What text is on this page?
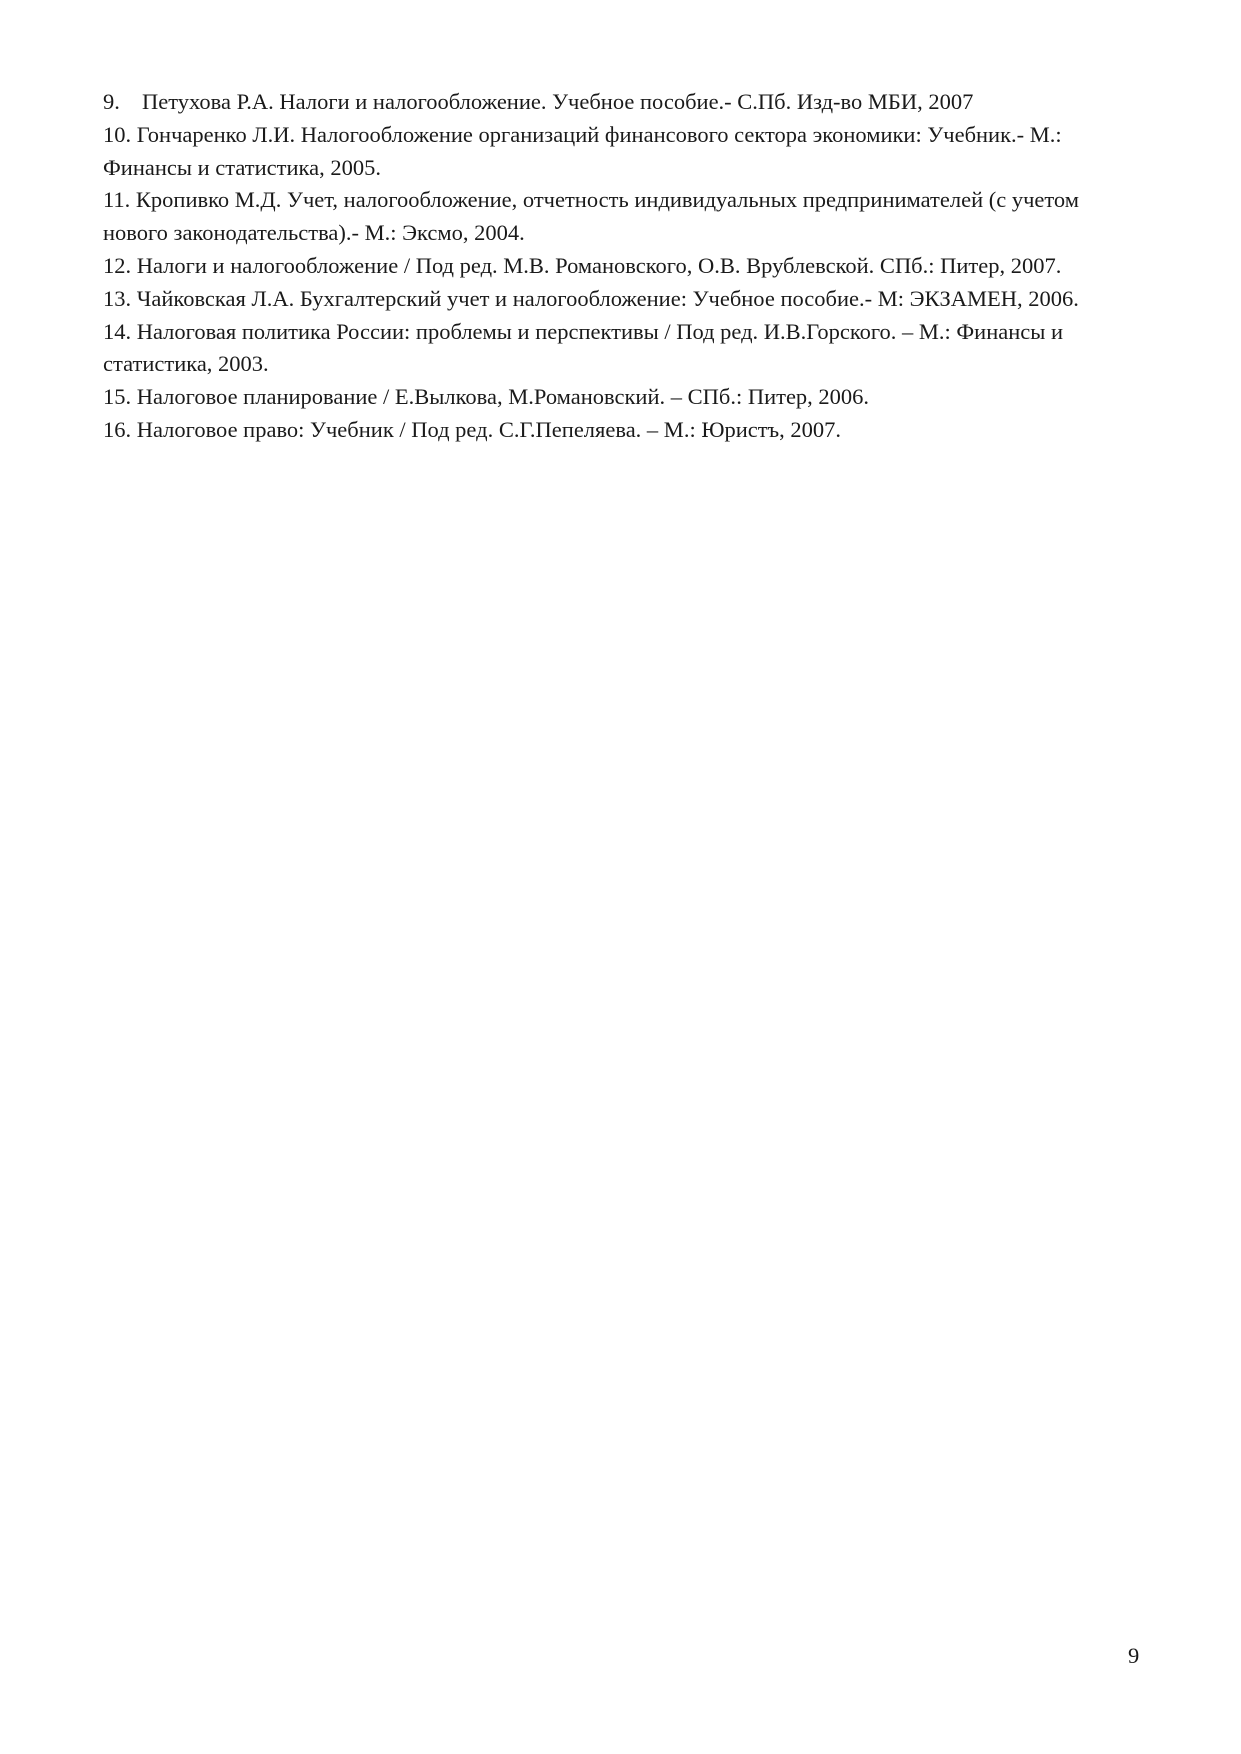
9. Петухова Р.А. Налоги и налогообложение. Учебное пособие.- С.Пб. Изд-во МБИ, 2007
10. Гончаренко Л.И. Налогообложение организаций финансового сектора экономики: Учебник.- М.: Финансы и статистика, 2005.
11. Кропивко М.Д. Учет, налогообложение, отчетность индивидуальных предпринимателей (с учетом нового законодательства).- М.: Эксмо, 2004.
12. Налоги и налогообложение / Под ред. М.В. Романовского, О.В. Врублевской. СПб.: Питер, 2007.
13. Чайковская Л.А. Бухгалтерский учет и налогообложение: Учебное пособие.- М: ЭКЗАМЕН, 2006.
14. Налоговая политика России: проблемы и перспективы / Под ред. И.В.Горского. – М.: Финансы и статистика, 2003.
15. Налоговое планирование / Е.Вылкова, М.Романовский. – СПб.: Питер, 2006.
16. Налоговое право: Учебник / Под ред. С.Г.Пепеляева. – М.: Юристъ, 2007.
9
